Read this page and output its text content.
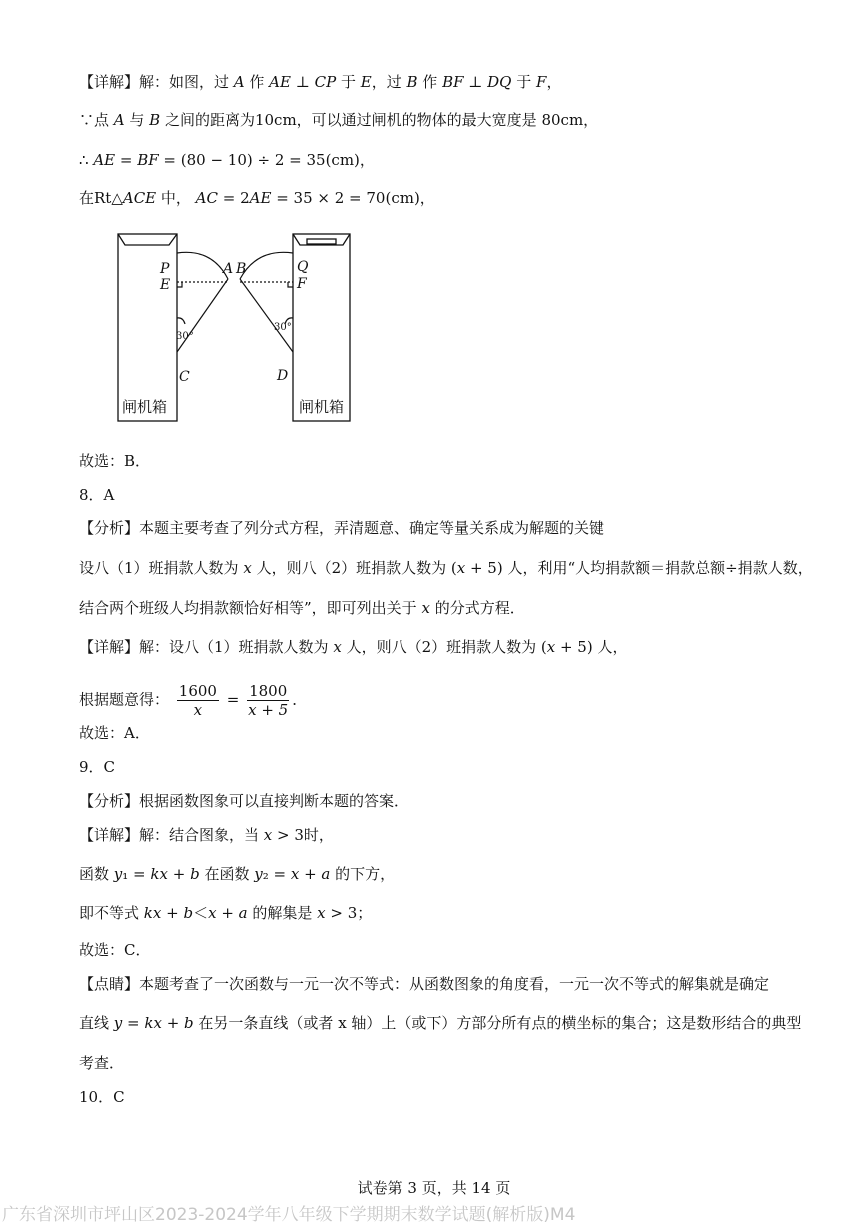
【详解】解：如图，过 A 作 AE ⊥ CP 于 E，过 B 作 BF ⊥ DQ 于 F，
∵点 A 与 B 之间的距离为10cm，可以通过闸机的物体的最大宽度是 80cm，
∴ AE = BF = (80 − 10) ÷ 2 = 35(cm)，
在Rt△ACE 中， AC = 2AE = 35 × 2 = 70(cm)，
故选：B．
8．A
【分析】本题主要考查了列分式方程，弄清题意、确定等量关系成为解题的关键
设八（1）班捐款人数为 x 人，则八（2）班捐款人数为 (x + 5) 人，利用“人均捐款额＝捐款总额÷捐款人数，
结合两个班级人均捐款额恰好相等”，即可列出关于 x 的分式方程．
【详解】解：设八（1）班捐款人数为 x 人，则八（2）班捐款人数为 (x + 5) 人，
根据题意得： $\frac{1600}{x} = \frac{1800}{x + 5}$ ．
故选：A．
9．C
【分析】根据函数图象可以直接判断本题的答案．
【详解】解：结合图象，当 x > 3时，
函数 y₁ = kx + b 在函数 y₂ = x + a 的下方，
即不等式 kx + b＜x + a 的解集是 x > 3；
故选：C．
【点睛】本题考查了一次函数与一元一次不等式：从函数图象的角度看，一元一次不等式的解集就是确定
直线 y = kx + b 在另一条直线（或者 x 轴）上（或下）方部分所有点的横坐标的集合；这是数形结合的典型
考查．
10．C
P
E
A B	Q
F
C	D
30°
30°
闸机箱	闸机箱
试卷第 3 页，共 14 页
广东省深圳市坪山区2023-2024学年八年级下学期期末数学试题(解析版)M4
